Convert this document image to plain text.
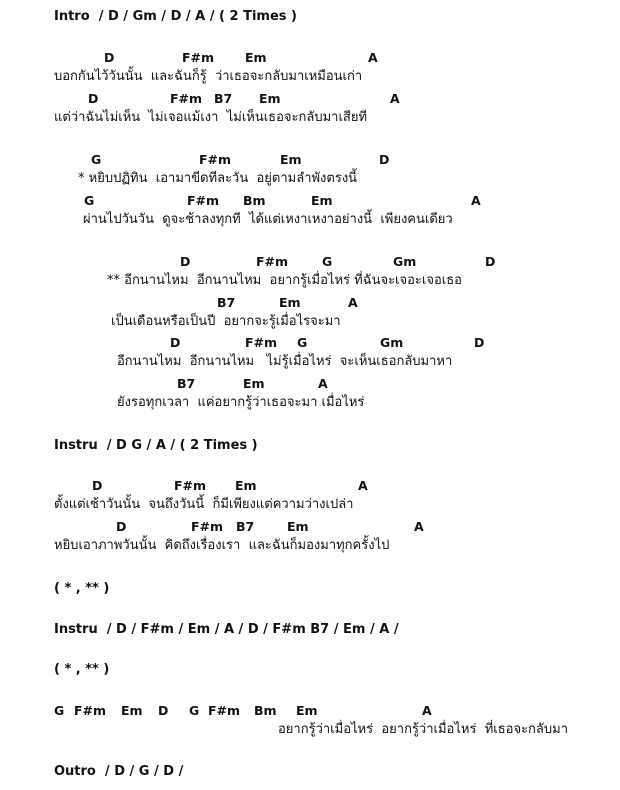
Intro  / D / Gm / D / A / ( 2 Times )
Instru  / D G / A / ( 2 Times )
( * , ** )
Instru  / D / F#m / Em / A / D / F#m B7 / Em / A /
( * , ** )
Outro  / D / G / D /
D	F#m Em	A
บอกกันไว้วันนั้น  และฉันก็รู้  ว่าเธอจะกลับมาเหมือนเก่า
D	F#m B7 Em	A
แต่ว่าฉันไม่เห็น  ไม่เจอแม้เงา  ไม่เห็นเธอจะกลับมาเสียที
G	F#m	Em	D
* หยิบปฏิทิน  เอามาขีดทีละวัน  อยู่ตามลำพังตรงนี้
G	F#m Bm	Em	A
ผ่านไปวันวัน  ดูจะช้าลงทุกที  ได้แต่เหงาเหงาอย่างนี้  เพียงคนเดียว
D	F#m	G	Gm	D
** อีกนานไหม  อีกนานไหม  อยากรู้เมื่อไหร่ ที่ฉันจะเจอะเจอเธอ
B7	Em	A
เป็นเดือนหรือเป็นปี  อยากจะรู้เมื่อไรจะมา
D	F#m G	Gm	D
อีกนานไหม  อีกนานไหม   ไม่รู้เมื่อไหร่  จะเห็นเธอกลับมาหา
B7	Em	A
ยังรอทุกเวลา  แค่อยากรู้ว่าเธอจะมา เมื่อไหร่
D	F#m Em	A
ตั้งแต่เช้าวันนั้น  จนถึงวันนี้  ก็มีเพียงแต่ความว่างเปล่า
D	F#m B7	Em	A
หยิบเอาภาพวันนั้น  คิดถึงเรื่องเรา  และฉันก็มองมาทุกครั้งไป
G F#m Em D G F#m Bm Em	A
อยากรู้ว่าเมื่อไหร่  อยากรู้ว่าเมื่อไหร่  ที่เธอจะกลับมา
